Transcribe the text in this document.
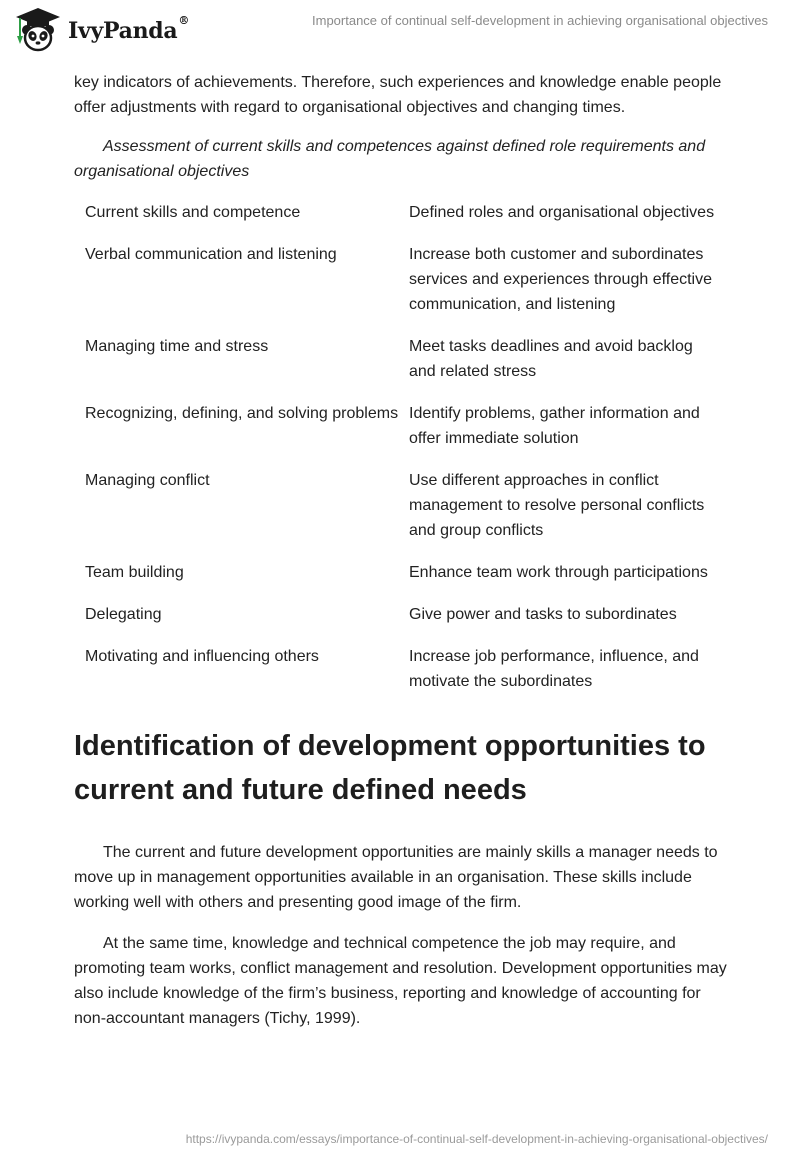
IvyPanda®	Importance of continual self-development in achieving organisational objectives

key indicators of achievements. Therefore, such experiences and knowledge enable people offer adjustments with regard to organisational objectives and changing times.

Assessment of current skills and competences against defined role requirements and organisational objectives

Current skills and competence	Defined roles and organisational objectives
Verbal communication and listening	Increase both customer and subordinates services and experiences through effective communication, and listening
Managing time and stress	Meet tasks deadlines and avoid backlog and related stress
Recognizing, defining, and solving problems	Identify problems, gather information and offer immediate solution
Managing conflict	Use different approaches in conflict management to resolve personal conflicts and group conflicts
Team building	Enhance team work through participations
Delegating	Give power and tasks to subordinates
Motivating and influencing others	Increase job performance, influence, and motivate the subordinates
Identification of development opportunities to current and future defined needs

The current and future development opportunities are mainly skills a manager needs to move up in management opportunities available in an organisation. These skills include working well with others and presenting good image of the firm.

At the same time, knowledge and technical competence the job may require, and promoting team works, conflict management and resolution. Development opportunities may also include knowledge of the firm’s business, reporting and knowledge of accounting for non-accountant managers (Tichy, 1999).

https://ivypanda.com/essays/importance-of-continual-self-development-in-achieving-organisational-objectives/
